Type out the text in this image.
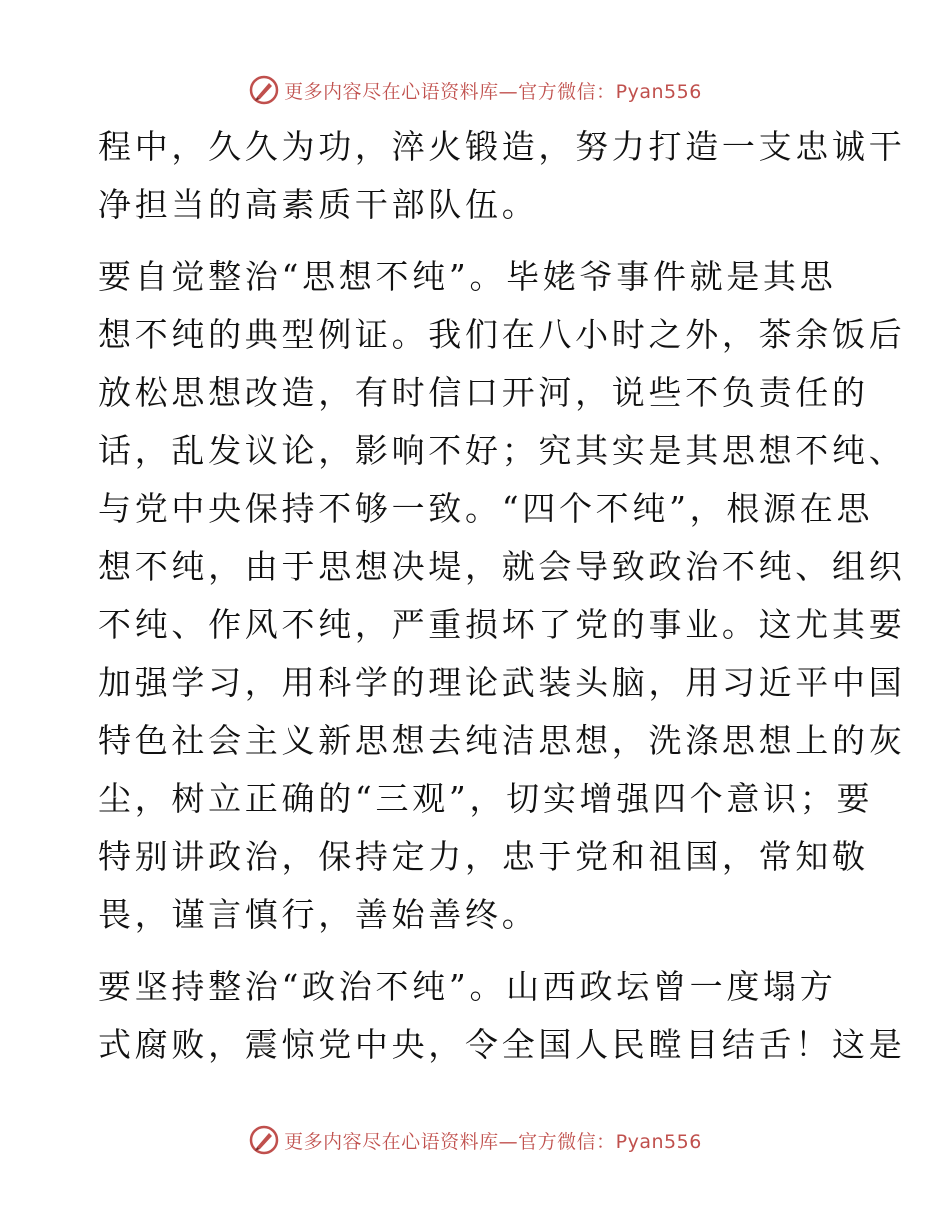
更多内容尽在心语资料库—官方微信：Pyan556
程中，久久为功，淬火锻造，努力打造一支忠诚干
净担当的高素质干部队伍。
要自觉整治“思想不纯”。毕姥爷事件就是其思
想不纯的典型例证。我们在八小时之外，茶余饭后
放松思想改造，有时信口开河，说些不负责任的
话，乱发议论，影响不好；究其实是其思想不纯、
与党中央保持不够一致。“四个不纯”，根源在思
想不纯，由于思想决堤，就会导致政治不纯、组织
不纯、作风不纯，严重损坏了党的事业。这尤其要
加强学习，用科学的理论武装头脑，用习近平中国
特色社会主义新思想去纯洁思想，洗涤思想上的灰
尘，树立正确的“三观”，切实增强四个意识；要
特别讲政治，保持定力，忠于党和祖国，常知敬
畏，谨言慎行，善始善终。
要坚持整治“政治不纯”。山西政坛曾一度塌方
式腐败，震惊党中央，令全国人民瞠目结舌！这是
更多内容尽在心语资料库—官方微信：Pyan556
